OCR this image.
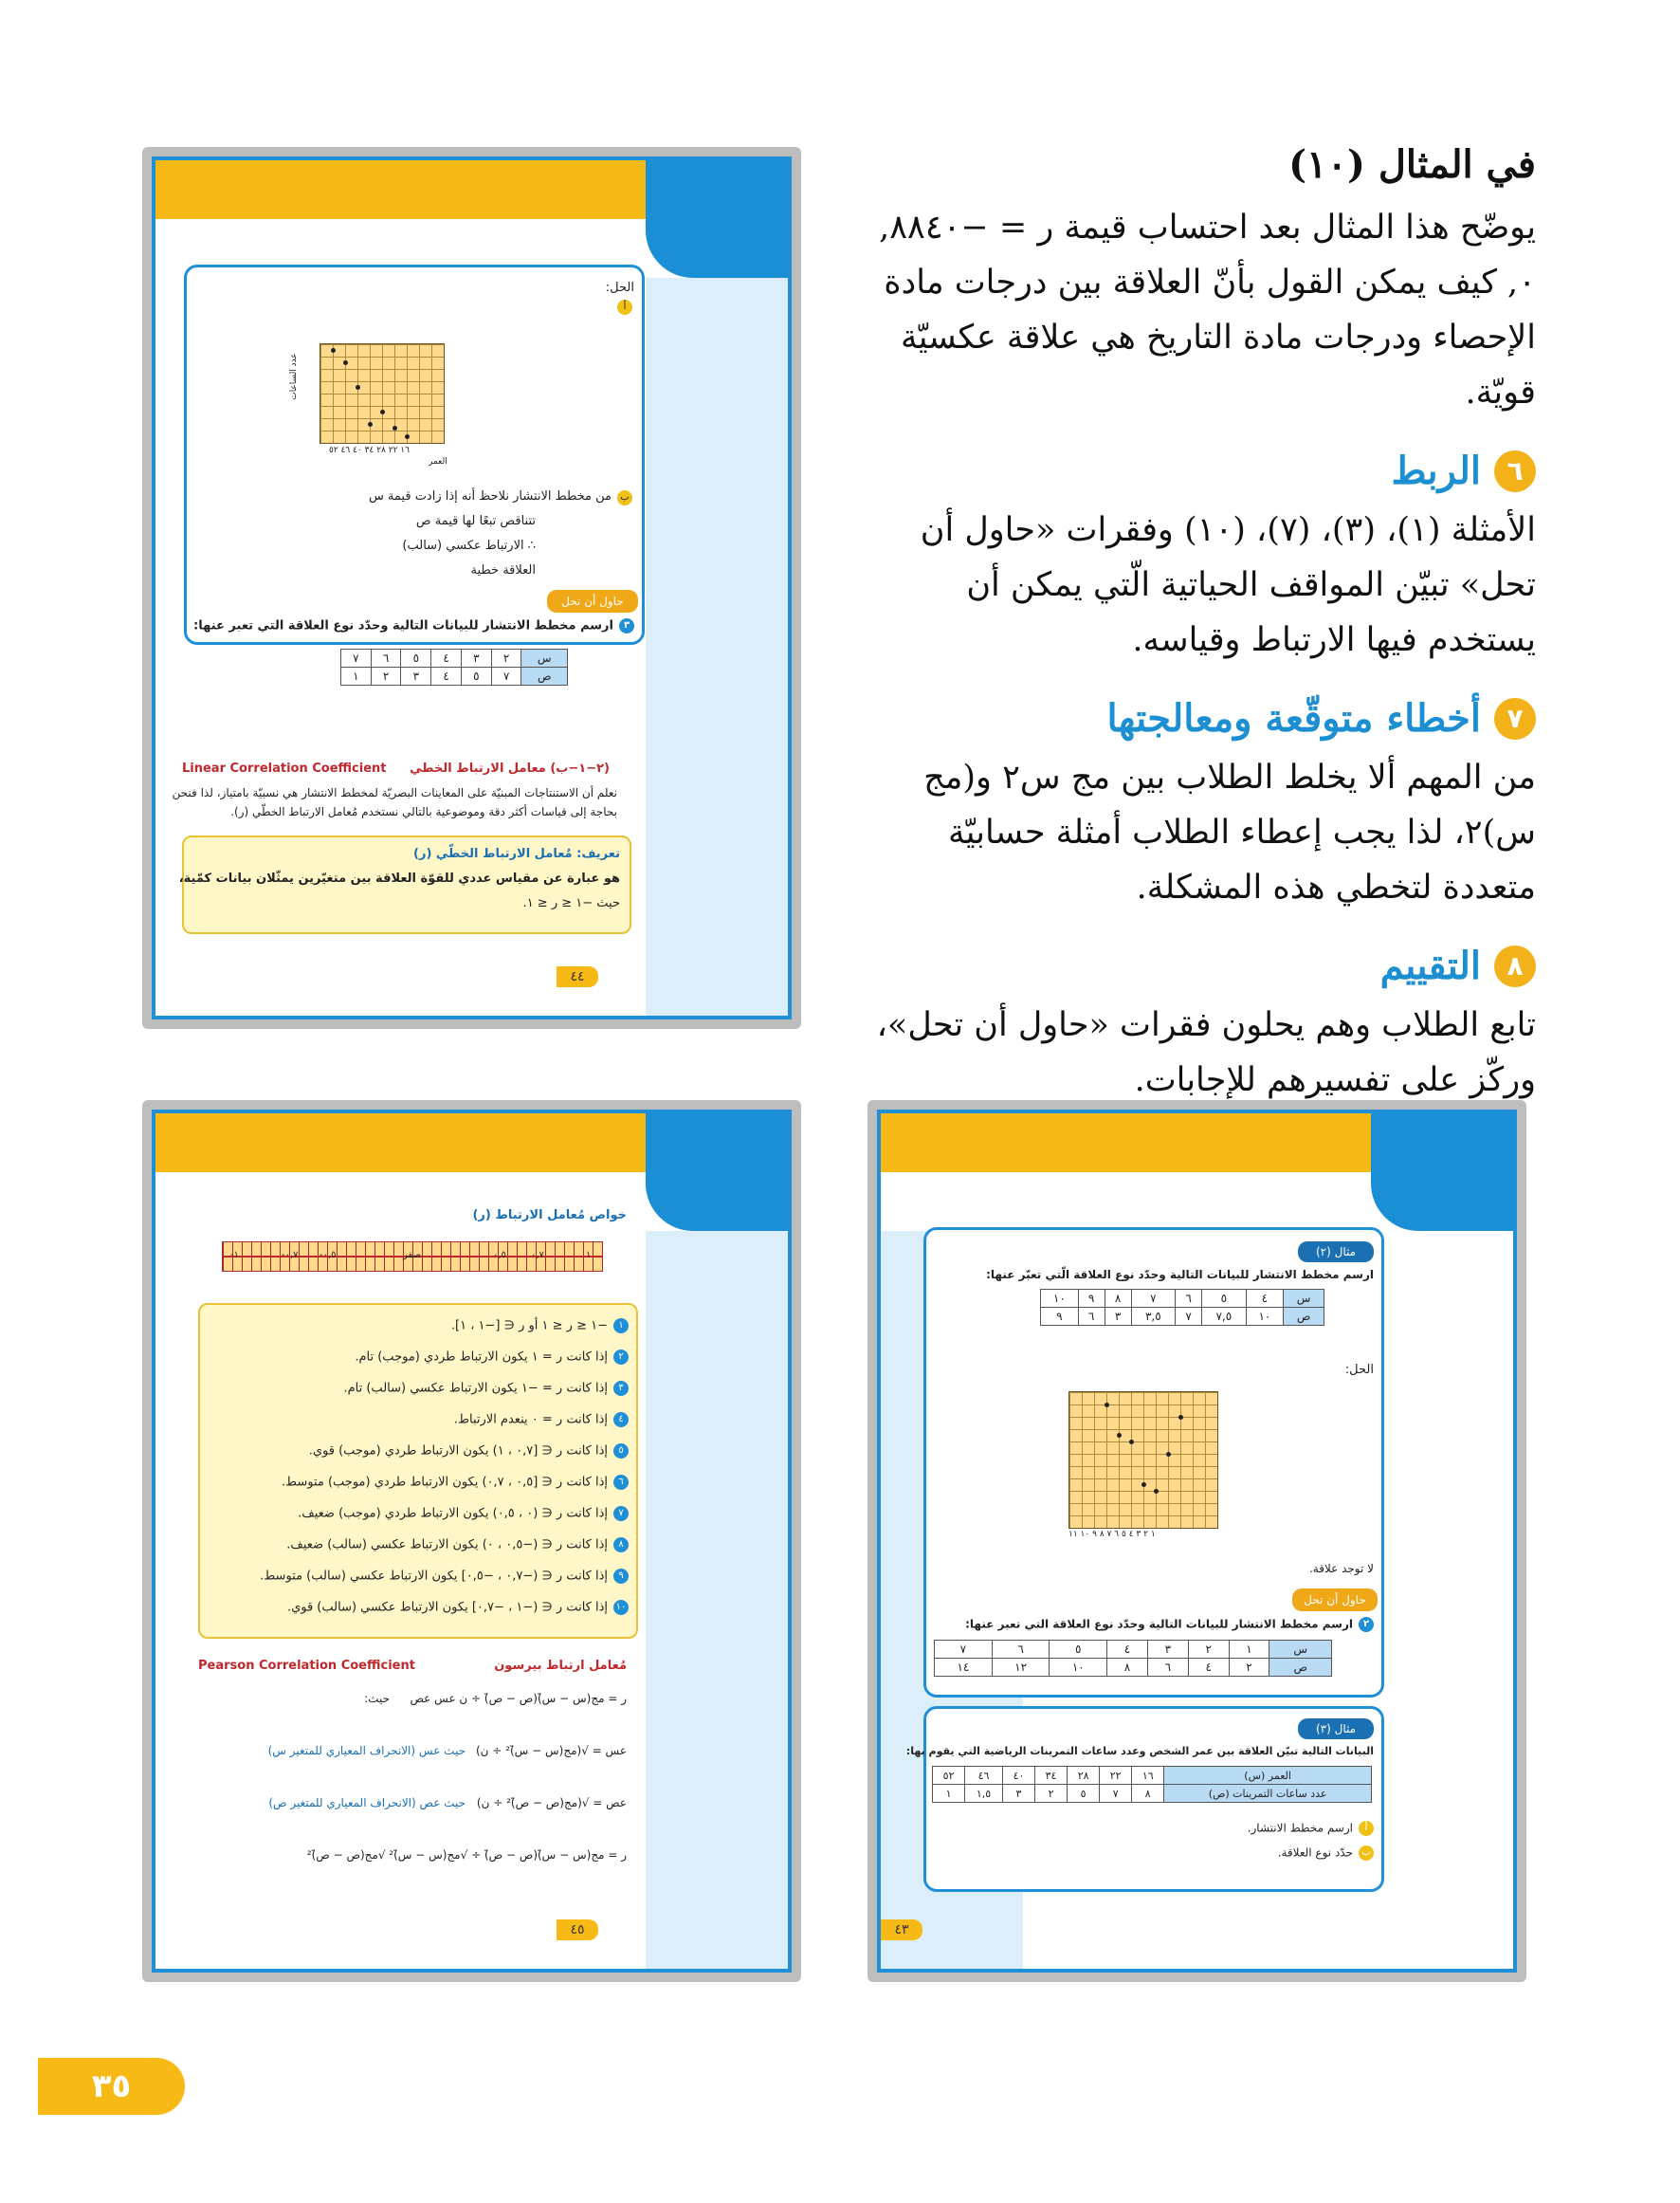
في المثال (١٠)

يوضّح هذا المثال بعد احتساب قيمة ر = −٨٨٤٠, ٠, كيف يمكن القول بأنّ العلاقة بين درجات مادة الإحصاء ودرجات مادة التاريخ هي علاقة عكسيّة قويّة.

٦
الربط

الأمثلة (١)، (٣)، (٧)، (١٠) وفقرات «حاول أن تحل» تبيّن المواقف الحياتية الّتي يمكن أن يستخدم فيها الارتباط وقياسه.

٧
أخطاء متوقّعة ومعالجتها

من المهم ألا يخلط الطلاب بين مج س٢ و(مج س)٢، لذا يجب إعطاء الطلاب أمثلة حسابيّة متعددة لتخطي هذه المشكلة.

٨
التقييم

تابع الطلاب وهم يحلون فقرات «حاول أن تحل»، وركّز على تفسيرهم للإجابات.

٤٤
الحل:
أ
عدد الساعات
١٦ ٢٢ ٢٨ ٣٤ ٤٠ ٤٦ ٥٢
العمر
ب
من مخطط الانتشار نلاحظ أنه إذا زادت قيمة س
تتناقص تبعًا لها قيمة ص
∴ الارتباط عكسي (سالب)
العلاقة خطية
حاول أن تحل
٣ارسم مخطط الانتشار للبيانات التالية وحدّد نوع العلاقة التي تعبر عنها:
س	٢	٣	٤	٥	٦	٧
ص	٧	٥	٤	٣	٢	١
(٢−١−ب) معامل الارتباط الخطي
Linear Correlation Coefficient
نعلم أن الاستنتاجات المبنيّة على المعاينات البصريّة لمخطط الانتشار هي نسبيّة بامتياز، لذا فنحن
بحاجة إلى قياسات أكثر دقة وموضوعية بالتالي نستخدم مُعامل الارتباط الخطّي (ر).
تعريف: مُعامل الارتباط الخطّي (ر)
هو عبارة عن مقياس عددي للقوّة العلاقة بين متغيّرين يمثّلان بيانات كمّية،
حيث −١ ≤ ر ≤ ١.
٤٥
خواص مُعامل الارتباط (ر)
-١	-٠,٧ -٠,٥	صفر	٠,٥	٠,٧	١
١−١ ≤ ر ≤ ١ أو ر ∈ [−١ ، ١].
٢إذا كانت ر = ١ يكون الارتباط طردي (موجب) تام.
٣إذا كانت ر = −١ يكون الارتباط عكسي (سالب) تام.
٤إذا كانت ر = ٠ ينعدم الارتباط.
٥إذا كانت ر ∈ [٠,٧ ، ١) يكون الارتباط طردي (موجب) قوي.
٦إذا كانت ر ∈ [٠,٥ ، ٠,٧) يكون الارتباط طردي (موجب) متوسط.
٧إذا كانت ر ∈ (٠ ، ٠,٥) يكون الارتباط طردي (موجب) ضعيف.
٨إذا كانت ر ∈ (−٠,٥ ، ٠) يكون الارتباط عكسي (سالب) ضعيف.
٩إذا كانت ر ∈ (−٠,٧ ، −٠,٥] يكون الارتباط عكسي (سالب) متوسط.
١٠إذا كانت ر ∈ (−١ ، −٠,٧] يكون الارتباط عكسي (سالب) قوي.
مُعامل ارتباط بيرسون
Pearson Correlation Coefficient
ر = مج(س − س̄)(ص − ص̄) ÷ ن عس عص
حيث:
عس = √(مج(س − س̄)² ÷ ن)
حيث عس (الانحراف المعياري للمتغير س)
عص = √(مج(ص − ص̄)² ÷ ن)
حيث عص (الانحراف المعياري للمتغير ص)
ر = مج(س − س̄)(ص − ص̄) ÷ √مج(س − س̄)² √مج(ص − ص̄)²
٤٣
مثال (٢)
ارسم مخطط الانتشار للبيانات التالية وحدّد نوع العلاقة الّتي تعبّر عنها:
س	٤	٥	٦	٧	٨	٩	١٠
ص	١٠	٧,٥	٧	٣,٥	٣	٦	٩
الحل:
١ ٢ ٣ ٤ ٥ ٦ ٧ ٨ ٩ ١٠ ١١
لا توجد علاقة.
حاول أن تحل
٢ارسم مخطط الانتشار للبيانات التالية وحدّد نوع العلاقة التي تعبر عنها:
س	١	٢	٣	٤	٥	٦	٧
ص	٢	٤	٦	٨	١٠	١٢	١٤
مثال (٣)
البيانات التالية تبيّن العلاقة بين عمر الشخص وعدد ساعات التمرينات الرياضية التي يقوم بها:
العمر (س)	١٦	٢٢	٢٨	٣٤	٤٠	٤٦	٥٢
عدد ساعات التمرينات (ص)	٨	٧	٥	٢	٣	١,٥	١
أارسم مخطط الانتشار.
بحدّد نوع العلاقة.
٣٥
